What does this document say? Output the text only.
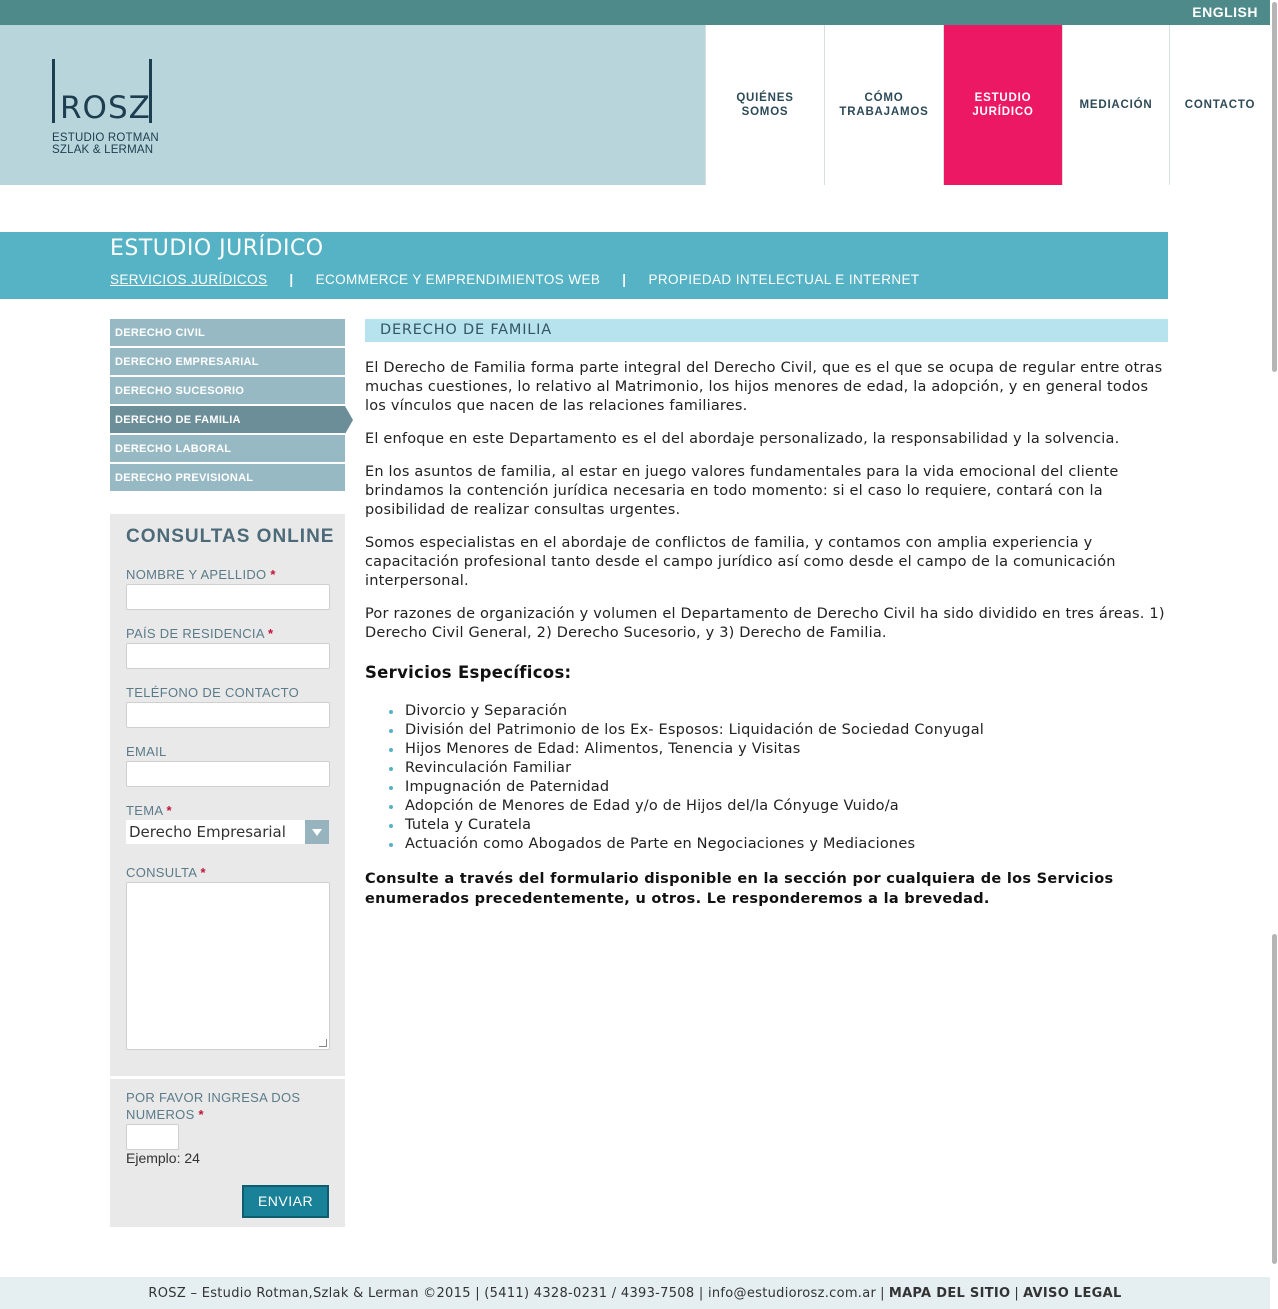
ENGLISH
ROSZ
ESTUDIO ROTMAN
SZLAK & LERMAN
QUIÉNES
SOMOS
CÓMO
TRABAJAMOS
ESTUDIO
JURÍDICO
MEDIACIÓN	CONTACTO
ESTUDIO JURÍDICO
SERVICIOS JURÍDICOS | ECOMMERCE Y EMPRENDIMIENTOS WEB | PROPIEDAD INTELECTUAL E INTERNET
DERECHO CIVIL
DERECHO EMPRESARIAL
DERECHO SUCESORIO
DERECHO DE FAMILIA
DERECHO LABORAL
DERECHO PREVISIONAL
CONSULTAS ONLINE
NOMBRE Y APELLIDO *
PAÍS DE RESIDENCIA *
TELÉFONO DE CONTACTO
EMAIL
TEMA *
Derecho Empresarial
CONSULTA *
POR FAVOR INGRESA DOS
NUMEROS *
Ejemplo: 24
ENVIAR
DERECHO DE FAMILIA

El Derecho de Familia forma parte integral del Derecho Civil, que es el que se ocupa de regular entre otras muchas cuestiones, lo relativo al Matrimonio, los hijos menores de edad, la adopción, y en general todos los vínculos que nacen de las relaciones familiares.

El enfoque en este Departamento es el del abordaje personalizado, la responsabilidad y la solvencia.

En los asuntos de familia, al estar en juego valores fundamentales para la vida emocional del cliente brindamos la contención jurídica necesaria en todo momento: si el caso lo requiere, contará con la posibilidad de realizar consultas urgentes.

Somos especialistas en el abordaje de conflictos de familia, y contamos con amplia experiencia y capacitación profesional tanto desde el campo jurídico así como desde el campo de la comunicación interpersonal.

Por razones de organización y volumen el Departamento de Derecho Civil ha sido dividido en tres áreas. 1) Derecho Civil General, 2) Derecho Sucesorio, y 3) Derecho de Familia.

Servicios Específicos:
Divorcio y Separación
División del Patrimonio de los Ex- Esposos: Liquidación de Sociedad Conyugal
Hijos Menores de Edad: Alimentos, Tenencia y Visitas
Revinculación Familiar
Impugnación de Paternidad
Adopción de Menores de Edad y/o de Hijos del/la Cónyuge Vuido/a
Tutela y Curatela
Actuación como Abogados de Parte en Negociaciones y Mediaciones

Consulte a través del formulario disponible en la sección por cualquiera de los Servicios enumerados precedentemente, u otros. Le responderemos a la brevedad.

ROSZ – Estudio Rotman,Szlak & Lerman ©2015 | (5411) 4328-0231 / 4393-7508 | info@estudiorosz.com.ar | MAPA DEL SITIO | AVISO LEGAL
